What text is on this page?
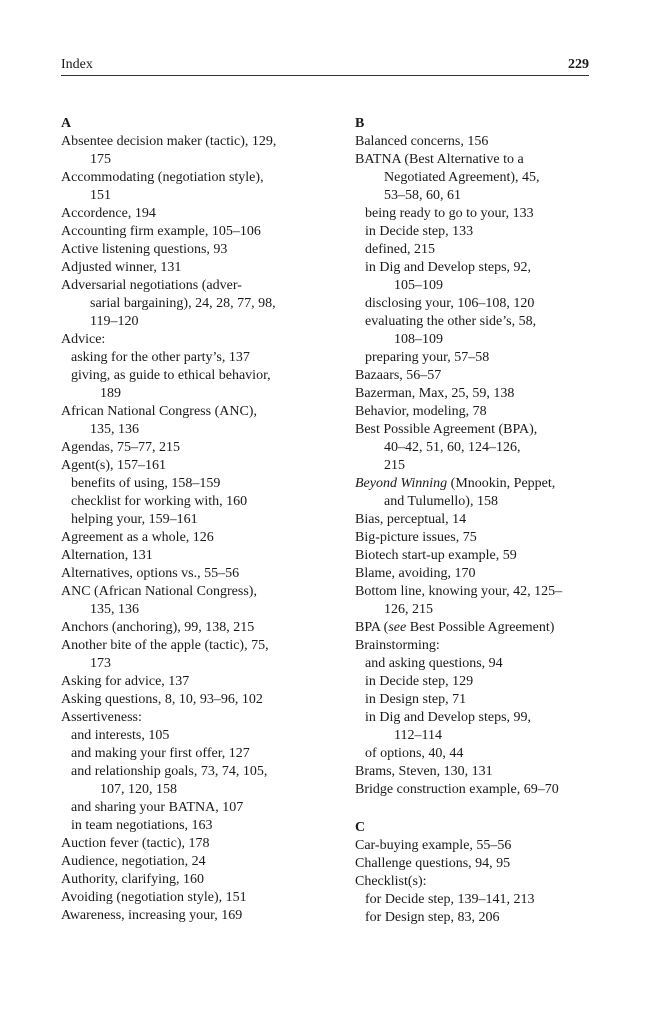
Index	229
A
Absentee decision maker (tactic), 129,
175
Accommodating (negotiation style),
151
Accordence, 194
Accounting firm example, 105–106
Active listening questions, 93
Adjusted winner, 131
Adversarial negotiations (adver-
sarial bargaining), 24, 28, 77, 98,
119–120
Advice:
asking for the other party’s, 137
giving, as guide to ethical behavior,
189
African National Congress (ANC),
135, 136
Agendas, 75–77, 215
Agent(s), 157–161
benefits of using, 158–159
checklist for working with, 160
helping your, 159–161
Agreement as a whole, 126
Alternation, 131
Alternatives, options vs., 55–56
ANC (African National Congress),
135, 136
Anchors (anchoring), 99, 138, 215
Another bite of the apple (tactic), 75,
173
Asking for advice, 137
Asking questions, 8, 10, 93–96, 102
Assertiveness:
and interests, 105
and making your first offer, 127
and relationship goals, 73, 74, 105,
107, 120, 158
and sharing your BATNA, 107
in team negotiations, 163
Auction fever (tactic), 178
Audience, negotiation, 24
Authority, clarifying, 160
Avoiding (negotiation style), 151
Awareness, increasing your, 169
B
Balanced concerns, 156
BATNA (Best Alternative to a
Negotiated Agreement), 45,
53–58, 60, 61
being ready to go to your, 133
in Decide step, 133
defined, 215
in Dig and Develop steps, 92,
105–109
disclosing your, 106–108, 120
evaluating the other side’s, 58,
108–109
preparing your, 57–58
Bazaars, 56–57
Bazerman, Max, 25, 59, 138
Behavior, modeling, 78
Best Possible Agreement (BPA),
40–42, 51, 60, 124–126,
215
Beyond Winning (Mnookin, Peppet,
and Tulumello), 158
Bias, perceptual, 14
Big-picture issues, 75
Biotech start-up example, 59
Blame, avoiding, 170
Bottom line, knowing your, 42, 125–
126, 215
BPA (see Best Possible Agreement)
Brainstorming:
and asking questions, 94
in Decide step, 129
in Design step, 71
in Dig and Develop steps, 99,
112–114
of options, 40, 44
Brams, Steven, 130, 131
Bridge construction example, 69–70
C
Car-buying example, 55–56
Challenge questions, 94, 95
Checklist(s):
for Decide step, 139–141, 213
for Design step, 83, 206
